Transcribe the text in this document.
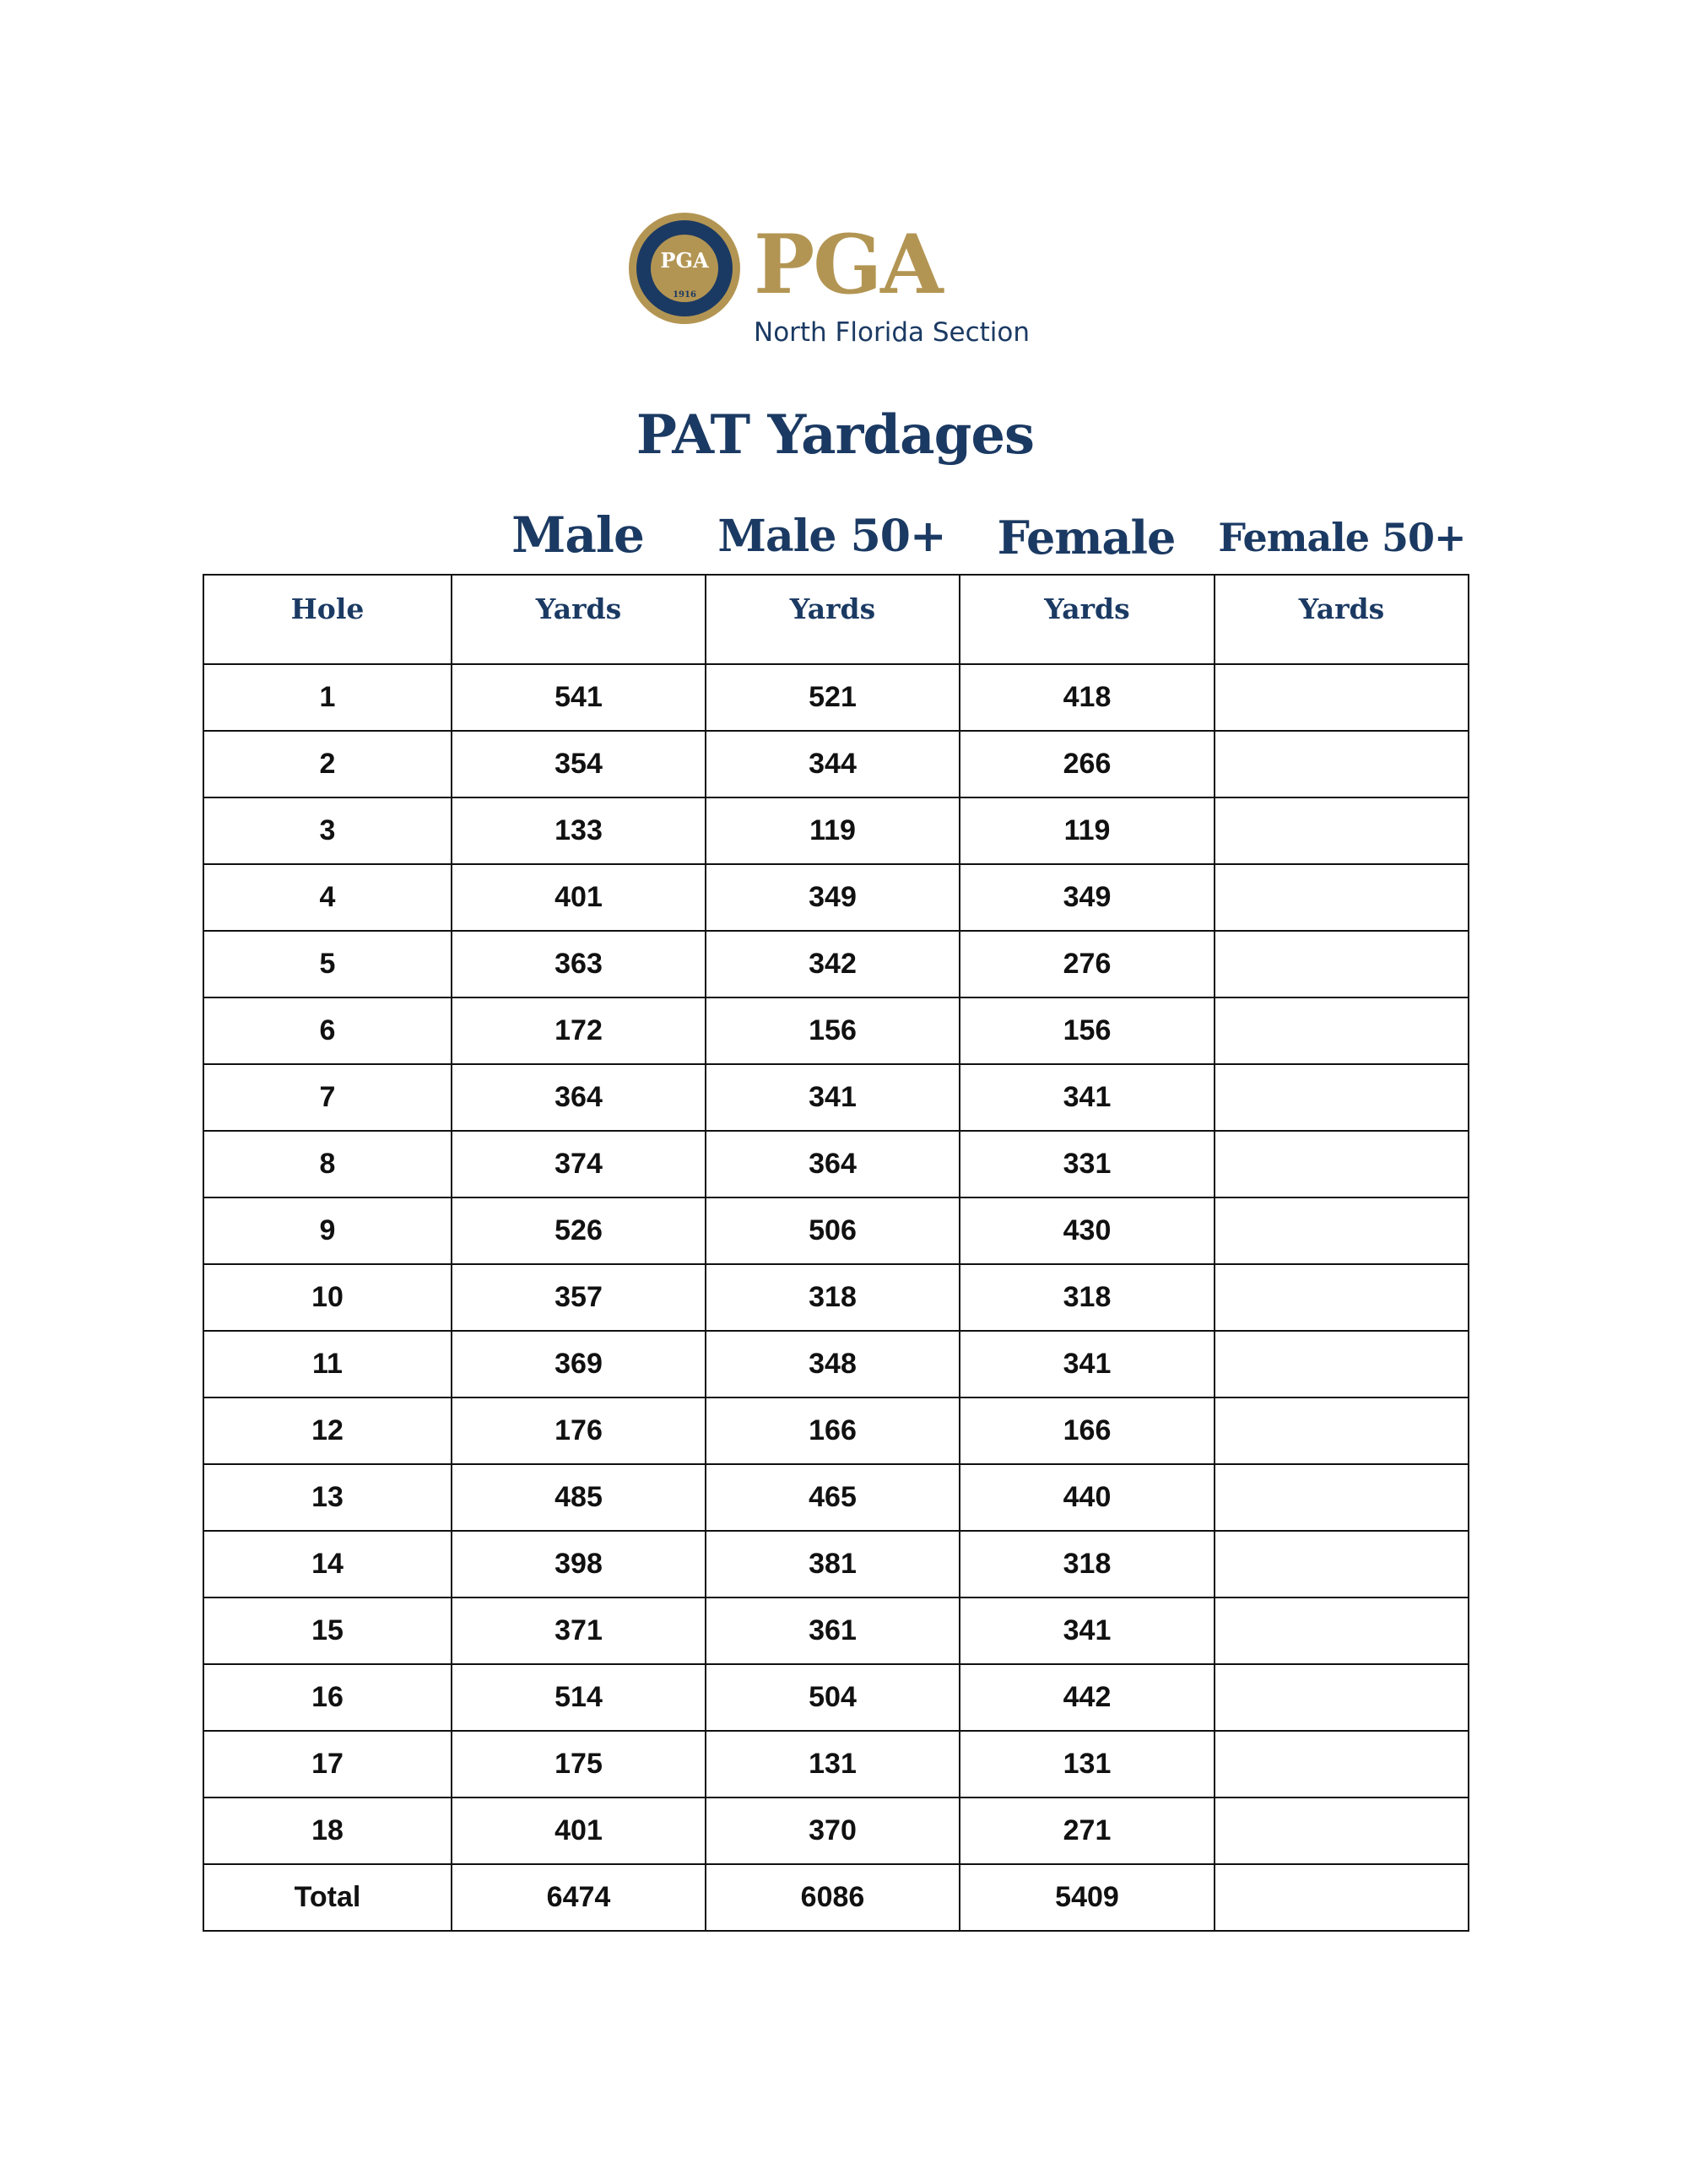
PGA
1916 PGA
North Florida Section
PAT Yardages
Male	Male 50+	Female	Female 50+
Hole	Yards	Yards	Yards	Yards
1	541	521	418	
2	354	344	266	
3	133	119	119	
4	401	349	349	
5	363	342	276	
6	172	156	156	
7	364	341	341	
8	374	364	331	
9	526	506	430	
10	357	318	318	
11	369	348	341	
12	176	166	166	
13	485	465	440	
14	398	381	318	
15	371	361	341	
16	514	504	442	
17	175	131	131	
18	401	370	271	
Total	6474	6086	5409	
